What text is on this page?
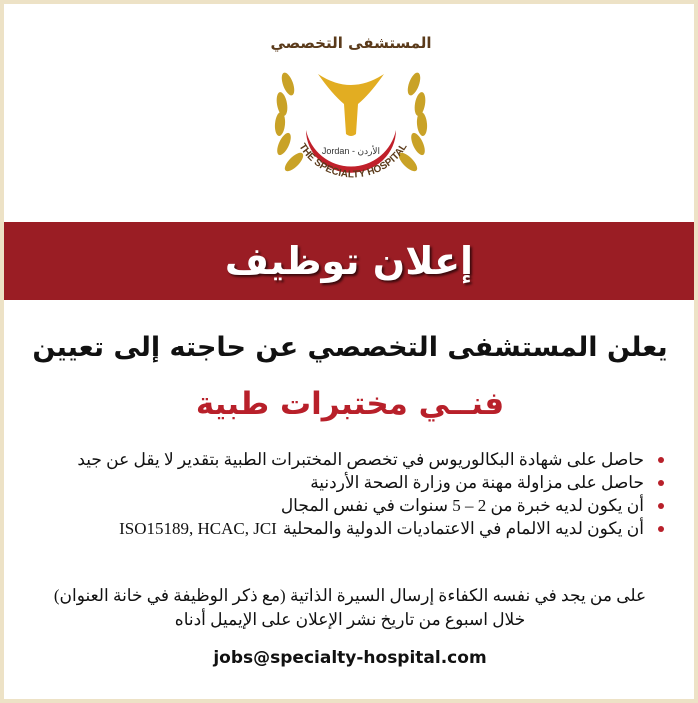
المستشفى التخصصي
Jordan - الأردن
THE SPECIALTY HOSPITAL
إعلان توظيف
يعلن المستشفى التخصصي عن حاجته إلى تعيين
فنــي مختبرات طبية
حاصل على شهادة البكالوريوس في تخصص المختبرات الطبية بتقدير لا يقل عن جيد
حاصل على مزاولة مهنة من وزارة الصحة الأردنية
أن يكون لديه خبرة من 2 – 5 سنوات في نفس المجال
أن يكون لديه الالمام في الاعتماديات الدولية والمحلية
ISO15189, HCAC, JCI
على من يجد في نفسه الكفاءة إرسال السيرة الذاتية (مع ذكر الوظيفة في خانة العنوان)
خلال اسبوع من تاريخ نشر الإعلان على الإيميل أدناه
jobs@specialty-hospital.com
